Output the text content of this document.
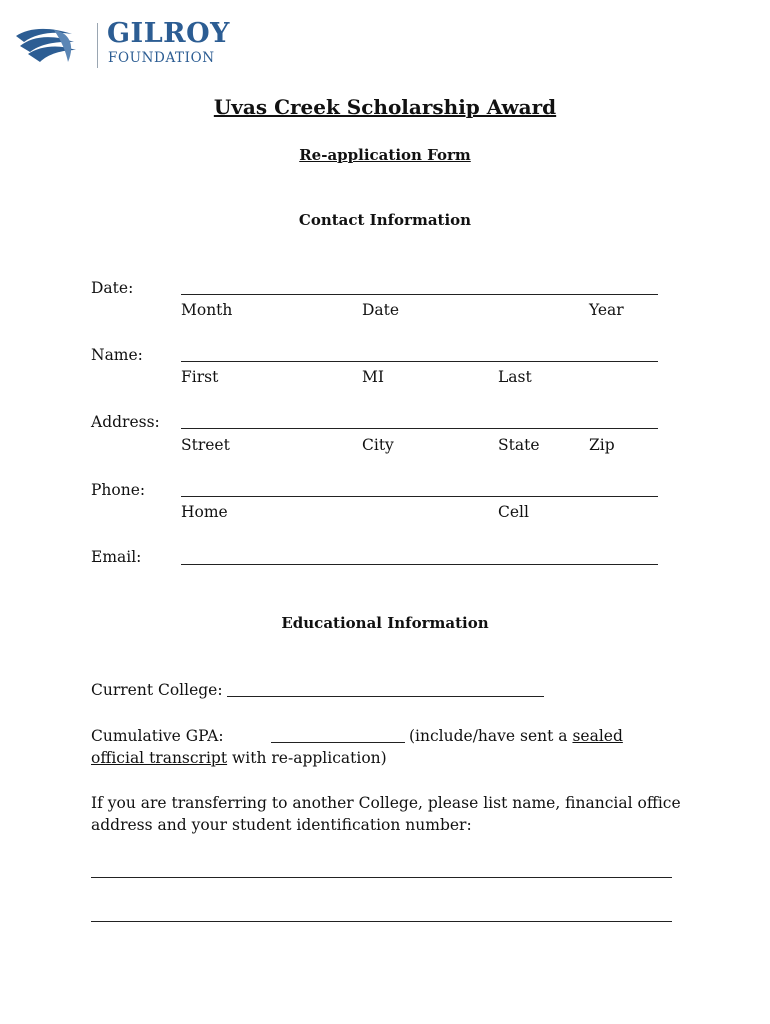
GILROY
FOUNDATION
Uvas Creek Scholarship Award
Re-application Form
Contact Information
Date:
Month	Date	Year
Name:
First	MI	Last
Address:
Street	City	State	Zip
Phone:
Home	Cell
Email:
Educational Information
Current College:
Cumulative GPA:	(include/have sent a sealed
official transcript with re-application)
If you are transferring to another College, please list name, financial office
address and your student identification number:
